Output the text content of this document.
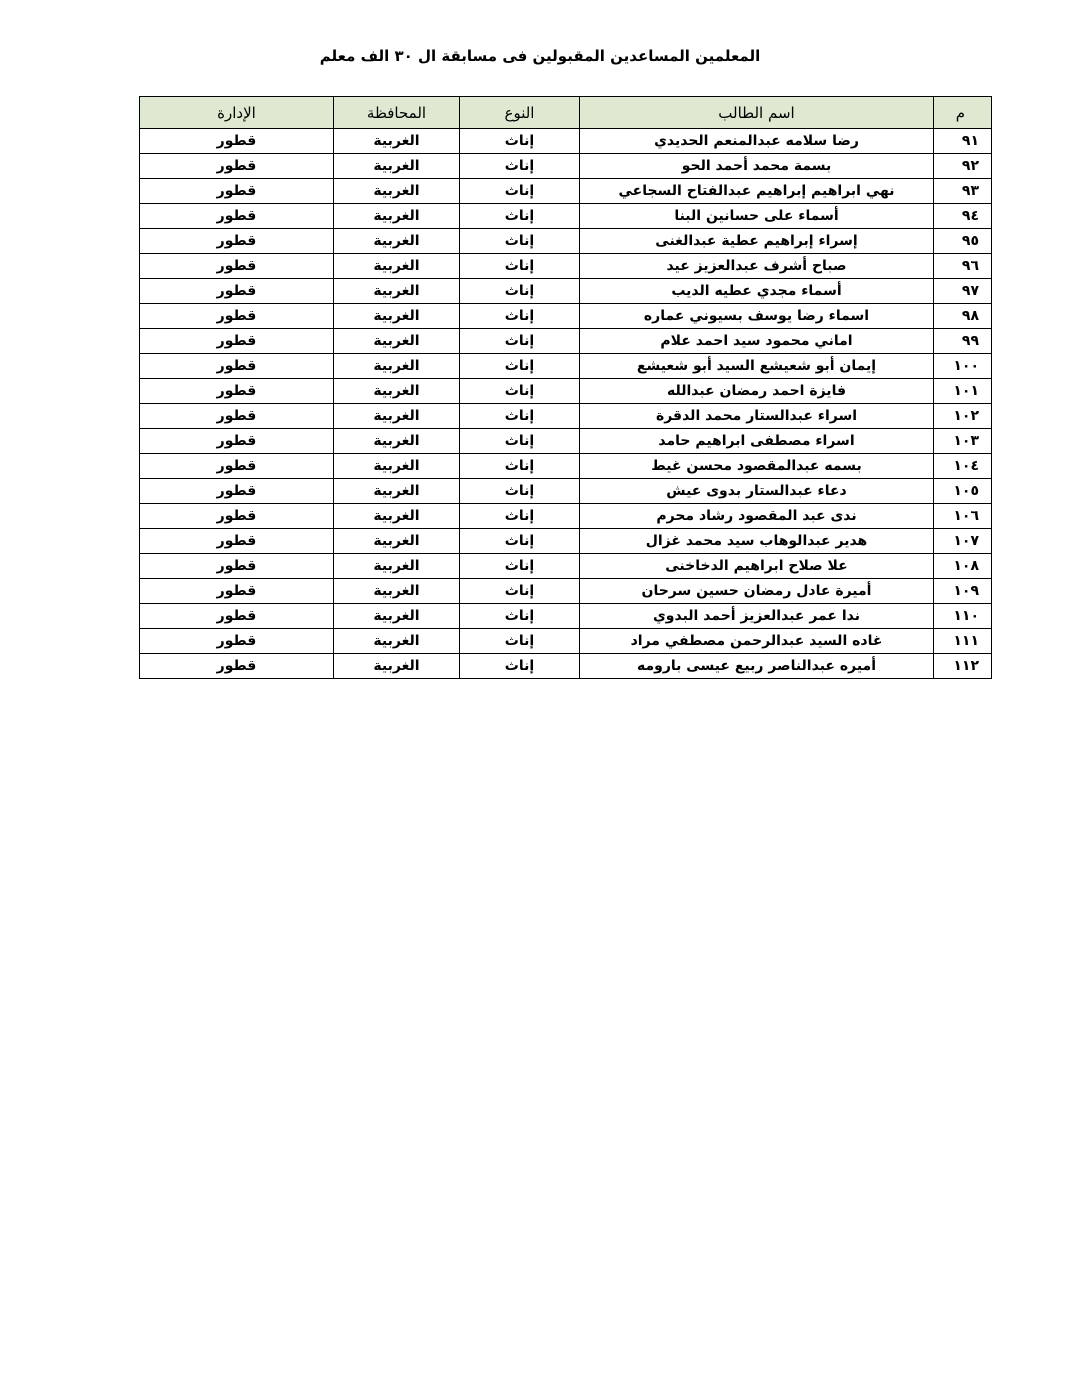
المعلمين المساعدين المقبولين فى مسابقة ال ٣٠ الف معلم
م	اسم الطالب	النوع	المحافظة	الإدارة
٩١	رضا سلامه عبدالمنعم الحديدي	إناث	الغربية	قطور
٩٢	بسمة محمد أحمد الحو	إناث	الغربية	قطور
٩٣	نهي ابراهيم إبراهيم عبدالفتاح السجاعي	إناث	الغربية	قطور
٩٤	أسماء على حسانين البنا	إناث	الغربية	قطور
٩٥	إسراء إبراهيم عطية عبدالغنى	إناث	الغربية	قطور
٩٦	صباح أشرف عبدالعزيز عيد	إناث	الغربية	قطور
٩٧	أسماء مجدي عطيه الديب	إناث	الغربية	قطور
٩٨	اسماء رضا يوسف بسيوني عماره	إناث	الغربية	قطور
٩٩	اماني محمود سيد احمد علام	إناث	الغربية	قطور
١٠٠	إيمان أبو شعيشع السيد أبو شعيشع	إناث	الغربية	قطور
١٠١	فايزة احمد رمضان عبدالله	إناث	الغربية	قطور
١٠٢	اسراء عبدالستار محمد الدقرة	إناث	الغربية	قطور
١٠٣	اسراء مصطفى ابراهيم حامد	إناث	الغربية	قطور
١٠٤	بسمه عبدالمقصود محسن غيط	إناث	الغربية	قطور
١٠٥	دعاء عبدالستار بدوى عيش	إناث	الغربية	قطور
١٠٦	ندى عبد المقصود رشاد محرم	إناث	الغربية	قطور
١٠٧	هدير عبدالوهاب سيد محمد غزال	إناث	الغربية	قطور
١٠٨	علا صلاح ابراهيم الدخاخنى	إناث	الغربية	قطور
١٠٩	أميرة عادل رمضان حسين سرحان	إناث	الغربية	قطور
١١٠	ندا عمر عبدالعزيز أحمد البدوي	إناث	الغربية	قطور
١١١	غاده السيد عبدالرحمن مصطفي مراد	إناث	الغربية	قطور
١١٢	أميره عبدالناصر ربيع عيسى بارومه	إناث	الغربية	قطور
